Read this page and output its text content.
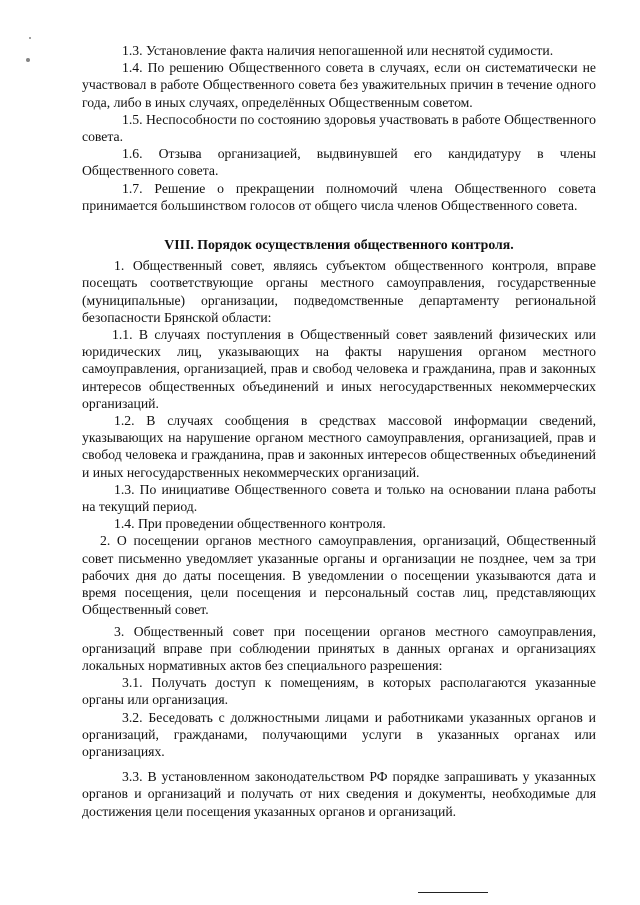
1.3. Установление факта наличия непогашенной или неснятой судимости.

1.4. По решению Общественного совета в случаях, если он систематически не участвовал в работе Общественного совета без уважительных причин в течение одного года, либо в иных случаях, определённых Общественным советом.

1.5. Неспособности по состоянию здоровья участвовать в работе Общественного совета.

1.6. Отзыва организацией, выдвинувшей его кандидатуру в члены Общественного совета.

1.7. Решение о прекращении полномочий члена Общественного совета принимается большинством голосов от общего числа членов Общественного совета.

VIII. Порядок осуществления общественного контроля.

1. Общественный совет, являясь субъектом общественного контроля, вправе посещать соответствующие органы местного самоуправления, государственные (муниципальные) организации, подведомственные департаменту региональной безопасности Брянской области:

1.1. В случаях поступления в Общественный совет заявлений физических или юридических лиц, указывающих на факты нарушения органом местного самоуправления, организацией, прав и свобод человека и гражданина, прав и законных интересов общественных объединений и иных негосударственных некоммерческих организаций.

1.2. В случаях сообщения в средствах массовой информации сведений, указывающих на нарушение органом местного самоуправления, организацией, прав и свобод человека и гражданина, прав и законных интересов общественных объединений и иных негосударственных некоммерческих организаций.

1.3. По инициативе Общественного совета и только на основании плана работы на текущий период.

1.4. При проведении общественного контроля.

2. О посещении органов местного самоуправления, организаций, Общественный совет письменно уведомляет указанные органы и организации не позднее, чем за три рабочих дня до даты посещения. В уведомлении о посещении указываются дата и время посещения, цели посещения и персональный состав лиц, представляющих Общественный совет.

3. Общественный совет при посещении органов местного самоуправления, организаций вправе при соблюдении принятых в данных органах и организациях локальных нормативных актов без специального разрешения:

3.1. Получать доступ к помещениям, в которых располагаются указанные органы или организация.

3.2. Беседовать с должностными лицами и работниками указанных органов и организаций, гражданами, получающими услуги в указанных органах или организациях.

3.3. В установленном законодательством РФ порядке запрашивать у указанных органов и организаций и получать от них сведения и документы, необходимые для достижения цели посещения указанных органов и организаций.
